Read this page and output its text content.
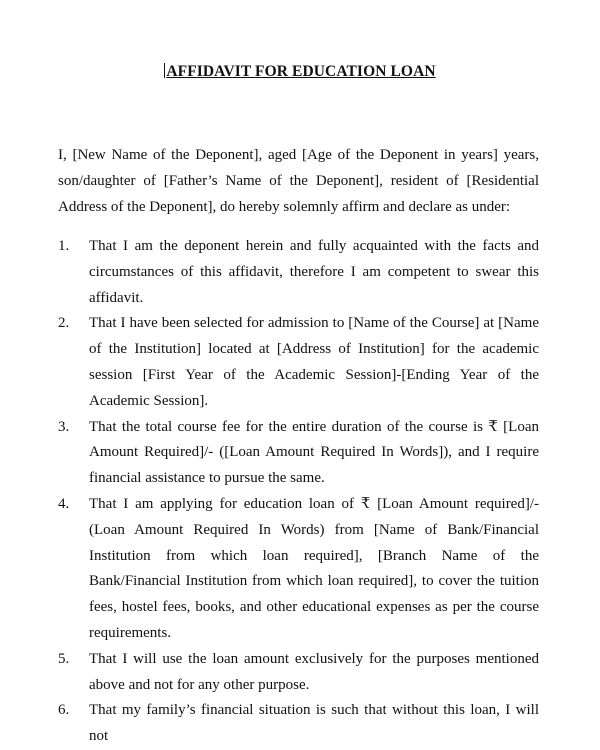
AFFIDAVIT FOR EDUCATION LOAN

I, [New Name of the Deponent], aged [Age of the Deponent in years] years, son/daughter of [Father’s Name of the Deponent], resident of [Residential Address of the Deponent], do hereby solemnly affirm and declare as under:

1. That I am the deponent herein and fully acquainted with the facts and circumstances of this affidavit, therefore I am competent to swear this affidavit.
2. That I have been selected for admission to [Name of the Course] at [Name of the Institution] located at [Address of Institution] for the academic session [First Year of the Academic Session]-[Ending Year of the Academic Session].
3. That the total course fee for the entire duration of the course is ₹ [Loan Amount Required]/- ([Loan Amount Required In Words]), and I require financial assistance to pursue the same.
4. That I am applying for education loan of ₹ [Loan Amount required]/- (Loan Amount Required In Words) from [Name of Bank/Financial Institution from which loan required], [Branch Name of the Bank/Financial Institution from which loan required], to cover the tuition fees, hostel fees, books, and other educational expenses as per the course requirements.
5. That I will use the loan amount exclusively for the purposes mentioned above and not for any other purpose.
6. That my family’s financial situation is such that without this loan, I will not
